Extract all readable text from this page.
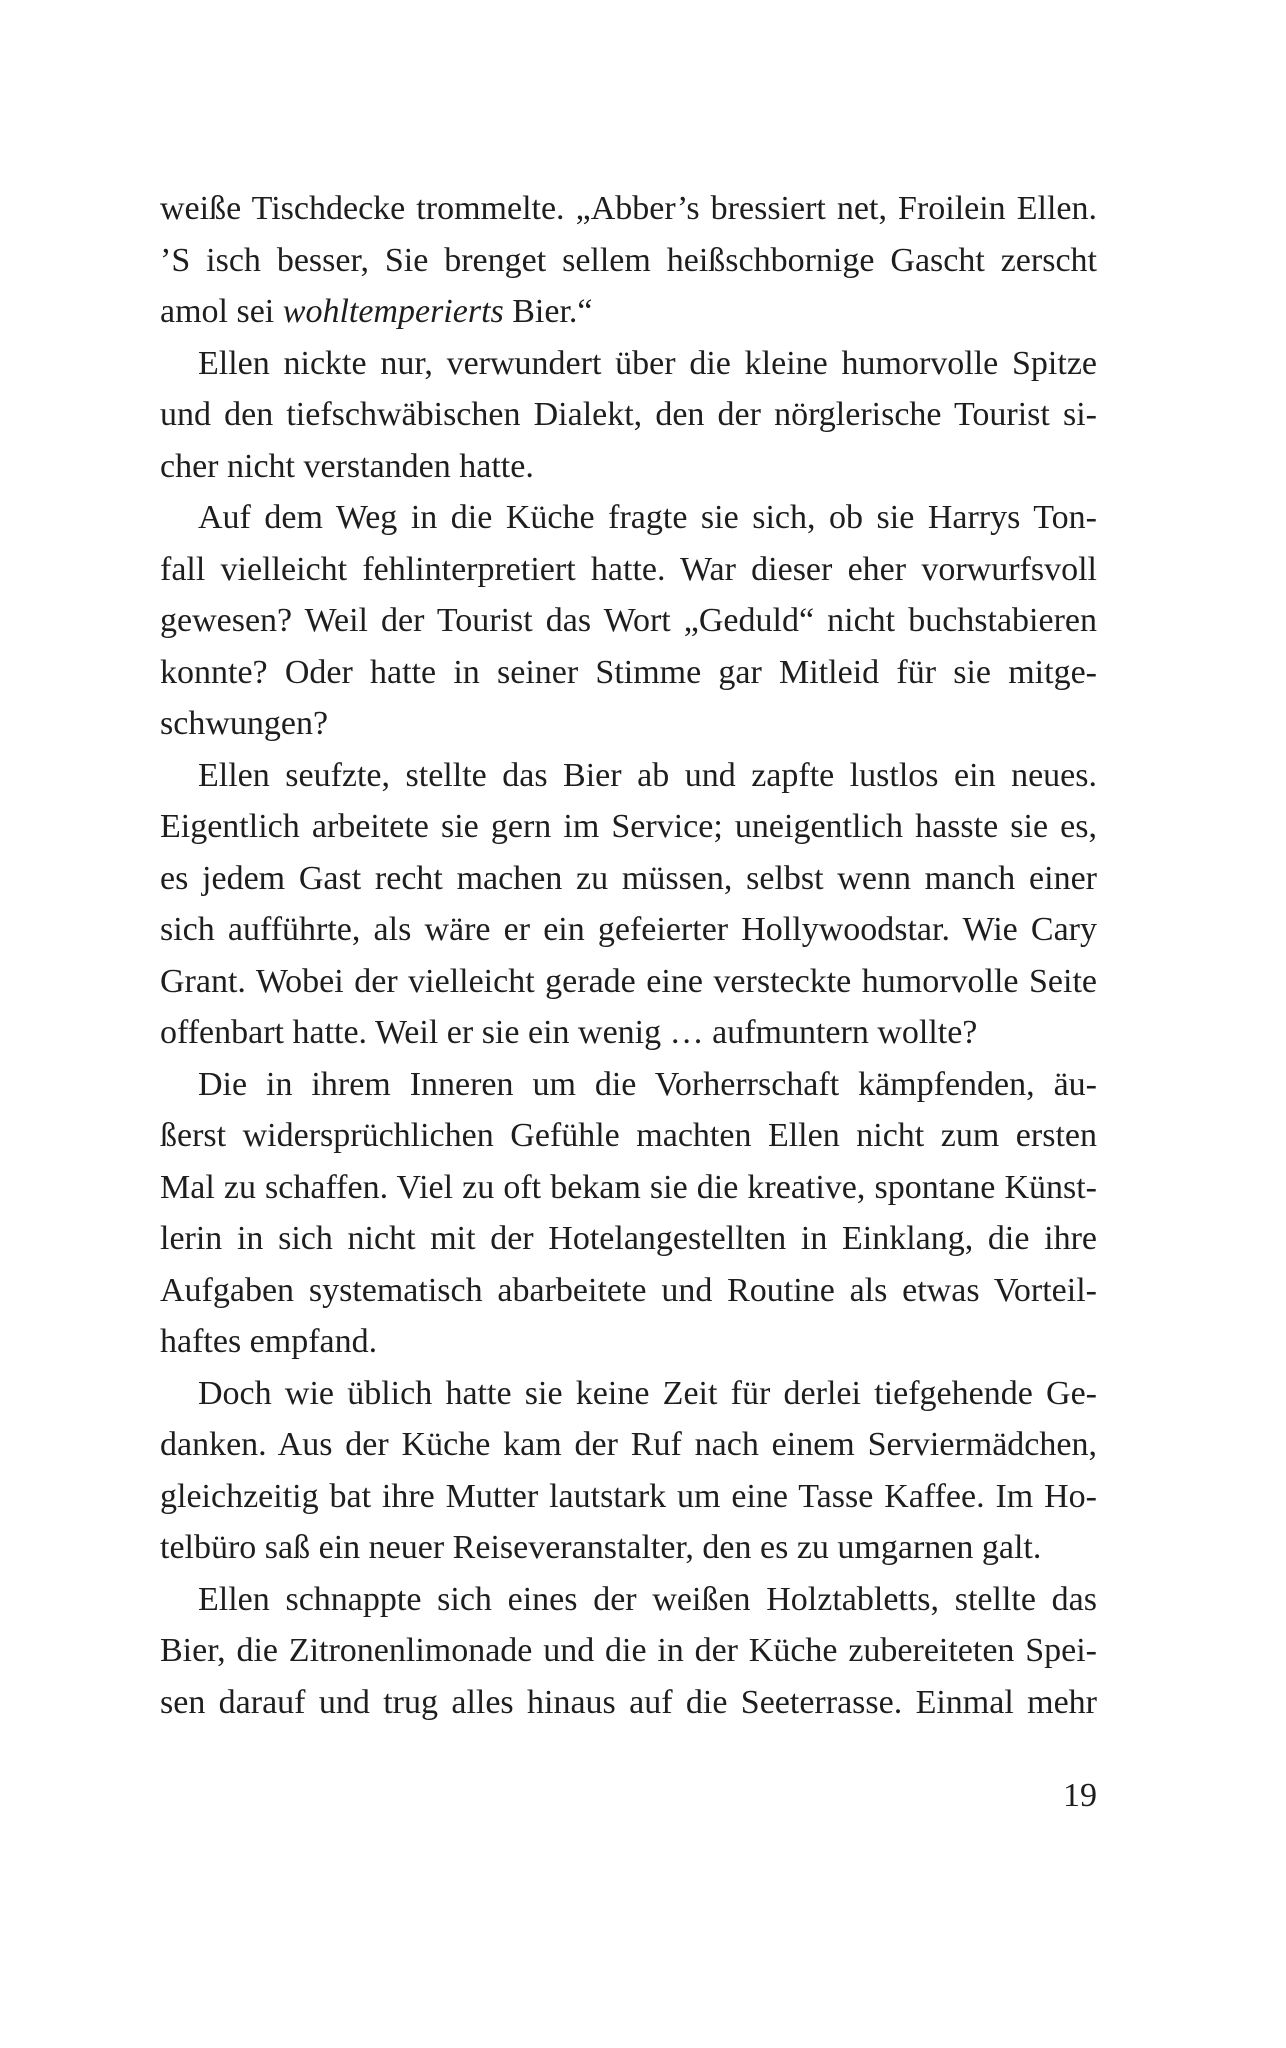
weiße Tischdecke trommelte. „Abber’s bressiert net, Froilein Ellen.
’S isch besser, Sie brenget sellem heißschbornige Gascht zerscht
amol sei wohltemperierts Bier.“
Ellen nickte nur, verwundert über die kleine humorvolle Spitze
und den tiefschwäbischen Dialekt, den der nörglerische Tourist si-
cher nicht verstanden hatte.
Auf dem Weg in die Küche fragte sie sich, ob sie Harrys Ton-
fall vielleicht fehlinterpretiert hatte. War dieser eher vorwurfsvoll
gewesen? Weil der Tourist das Wort „Geduld“ nicht buchstabieren
konnte? Oder hatte in seiner Stimme gar Mitleid für sie mitge-
schwungen?
Ellen seufzte, stellte das Bier ab und zapfte lustlos ein neues.
Eigentlich arbeitete sie gern im Service; uneigentlich hasste sie es,
es jedem Gast recht machen zu müssen, selbst wenn manch einer
sich aufführte, als wäre er ein gefeierter Hollywoodstar. Wie Cary
Grant. Wobei der vielleicht gerade eine versteckte humorvolle Seite
offenbart hatte. Weil er sie ein wenig … aufmuntern wollte?
Die in ihrem Inneren um die Vorherrschaft kämpfenden, äu-
ßerst widersprüchlichen Gefühle machten Ellen nicht zum ersten
Mal zu schaffen. Viel zu oft bekam sie die kreative, spontane Künst-
lerin in sich nicht mit der Hotelangestellten in Einklang, die ihre
Aufgaben systematisch abarbeitete und Routine als etwas Vorteil-
haftes empfand.
Doch wie üblich hatte sie keine Zeit für derlei tiefgehende Ge-
danken. Aus der Küche kam der Ruf nach einem Serviermädchen,
gleichzeitig bat ihre Mutter lautstark um eine Tasse Kaffee. Im Ho-
telbüro saß ein neuer Reiseveranstalter, den es zu umgarnen galt.
Ellen schnappte sich eines der weißen Holztabletts, stellte das
Bier, die Zitronenlimonade und die in der Küche zubereiteten Spei-
sen darauf und trug alles hinaus auf die Seeterrasse. Einmal mehr
19
